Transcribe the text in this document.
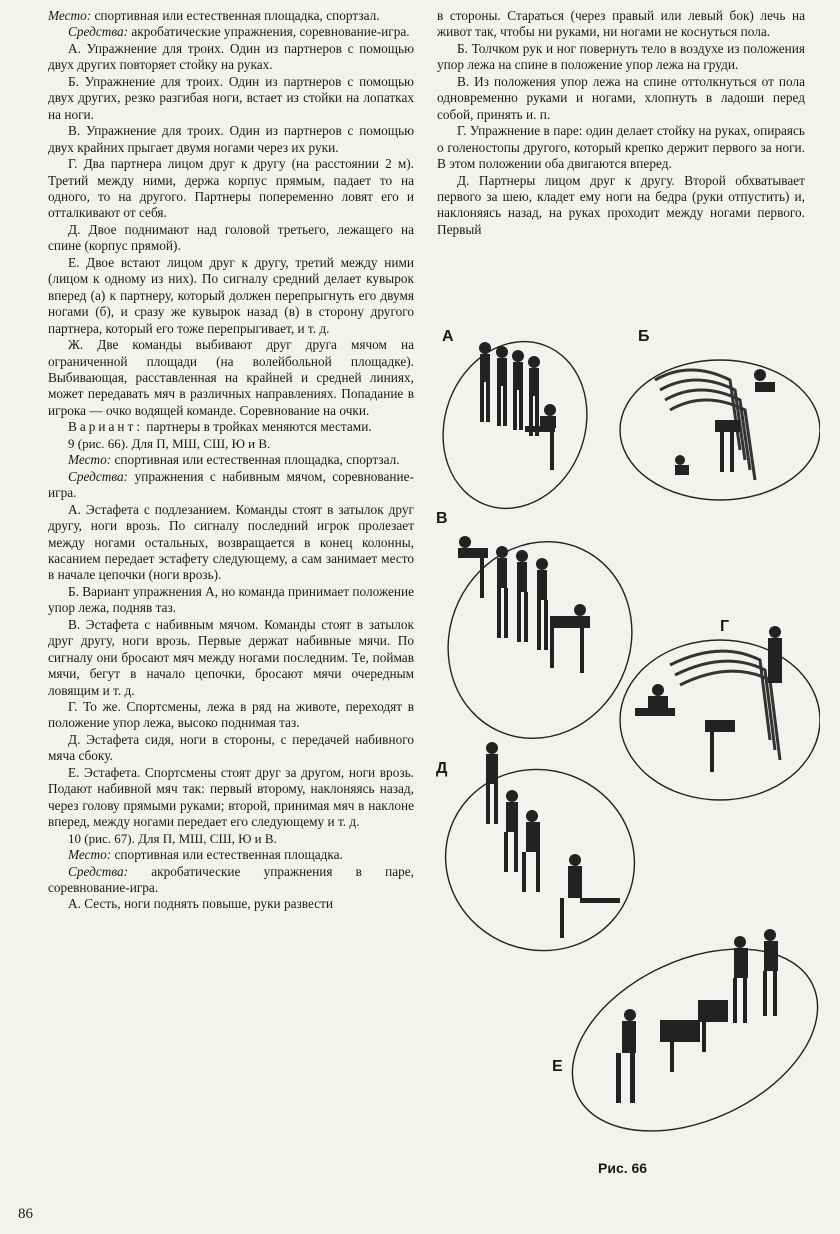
Место: спортивная или естественная площадка, спортзал.

Средства: акробатические упражнения, соревнование-игра.

А. Упражнение для троих. Один из партнеров с помощью двух других повторяет стойку на руках.

Б. Упражнение для троих. Один из партнеров с помощью двух других, резко разгибая ноги, встает из стойки на лопатках на ноги.

В. Упражнение для троих. Один из партнеров с помощью двух крайних прыгает двумя ногами через их руки.

Г. Два партнера лицом друг к другу (на расстоянии 2 м). Третий между ними, держа корпус прямым, падает то на одного, то на другого. Партнеры попеременно ловят его и отталкивают от себя.

Д. Двое поднимают над головой третьего, лежащего на спине (корпус прямой).

Е. Двое встают лицом друг к другу, третий между ними (лицом к одному из них). По сигналу средний делает кувырок вперед (а) к партнеру, который должен перепрыгнуть его двумя ногами (б), и сразу же кувырок назад (в) в сторону другого партнера, который его тоже перепрыгивает, и т. д.

Ж. Две команды выбивают друг друга мячом на ограниченной площади (на волейбольной площадке). Выбивающая, расставленная на крайней и средней линиях, может передавать мяч в различных направлениях. Попадание в игрока — очко водящей команде. Соревнование на очки.

Вариант: партнеры в тройках меняются местами.

9 (рис. 66). Для П, МШ, СШ, Ю и В.

Место: спортивная или естественная площадка, спортзал.

Средства: упражнения с набивным мячом, соревнование-игра.

А. Эстафета с подлезанием. Команды стоят в затылок друг другу, ноги врозь. По сигналу последний игрок пролезает между ногами остальных, возвращается в конец колонны, касанием передает эстафету следующему, а сам занимает место в начале цепочки (ноги врозь).

Б. Вариант упражнения А, но команда принимает положение упор лежа, подняв таз.

В. Эстафета с набивным мячом. Команды стоят в затылок друг другу, ноги врозь. Первые держат набивные мячи. По сигналу они бросают мяч между ногами последним. Те, поймав мячи, бегут в начало цепочки, бросают мячи очередным ловящим и т. д.

Г. То же. Спортсмены, лежа в ряд на животе, переходят в положение упор лежа, высоко поднимая таз.

Д. Эстафета сидя, ноги в стороны, с передачей набивного мяча сбоку.

Е. Эстафета. Спортсмены стоят друг за другом, ноги врозь. Подают набивной мяч так: первый второму, наклоняясь назад, через голову прямыми руками; второй, принимая мяч в наклоне вперед, между ногами передает его следующему и т. д.

10 (рис. 67). Для П, МШ, СШ, Ю и В.

Место: спортивная или естественная площадка.

Средства: акробатические упражнения в паре, соревнование-игра.

А. Сесть, ноги поднять повыше, руки развести

в стороны. Стараться (через правый или левый бок) лечь на живот так, чтобы ни руками, ни ногами не коснуться пола.

Б. Толчком рук и ног повернуть тело в воздухе из положения упор лежа на спине в положение упор лежа на груди.

В. Из положения упор лежа на спине оттолкнуться от пола одновременно руками и ногами, хлопнуть в ладоши перед собой, принять и. п.

Г. Упражнение в паре: один делает стойку на руках, опираясь о голеностопы другого, который крепко держит первого за ноги. В этом положении оба двигаются вперед.

Д. Партнеры лицом друг к другу. Второй обхватывает первого за шею, кладет ему ноги на бедра (руки отпустить) и, наклоняясь назад, на руках проходит между ногами первого. Первый

А	Б
В
Г
Д
Е
Рис. 66
86
